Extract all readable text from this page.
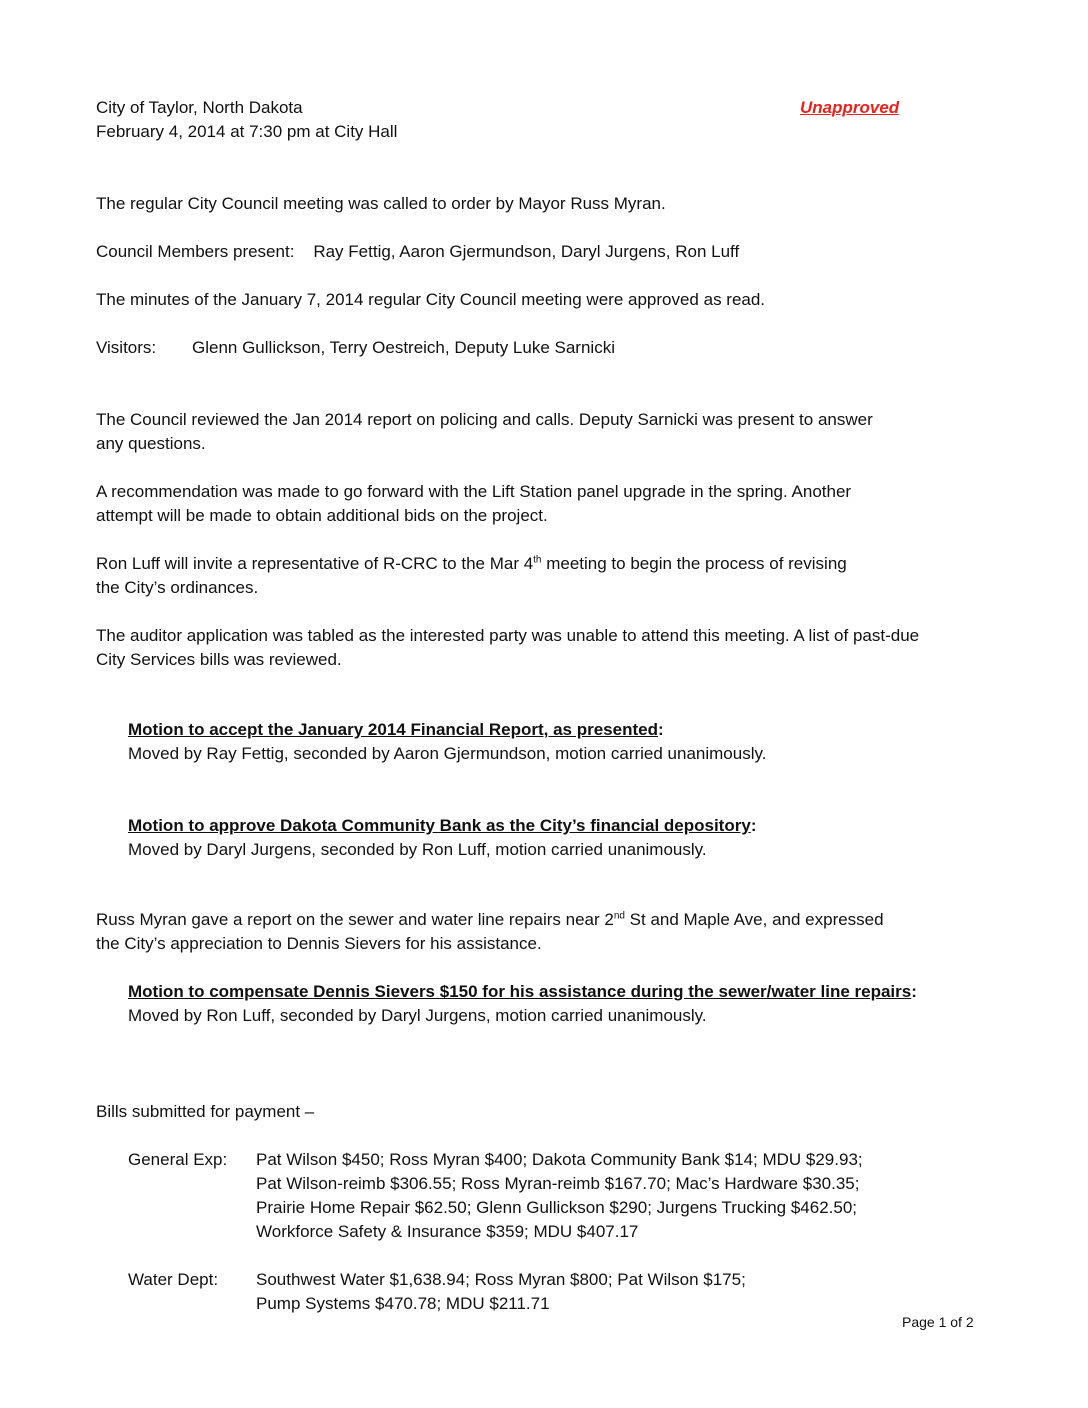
City of Taylor, North Dakota
February 4, 2014 at 7:30 pm at City Hall
Unapproved
The regular City Council meeting was called to order by Mayor Russ Myran.
Council Members present: Ray Fettig, Aaron Gjermundson, Daryl Jurgens, Ron Luff
The minutes of the January 7, 2014 regular City Council meeting were approved as read.
Visitors: Glenn Gullickson, Terry Oestreich, Deputy Luke Sarnicki
The Council reviewed the Jan 2014 report on policing and calls. Deputy Sarnicki was present to answer
any questions.
A recommendation was made to go forward with the Lift Station panel upgrade in the spring. Another
attempt will be made to obtain additional bids on the project.
Ron Luff will invite a representative of R-CRC to the Mar 4th meeting to begin the process of revising
the City’s ordinances.
The auditor application was tabled as the interested party was unable to attend this meeting. A list of past-due
City Services bills was reviewed.
Motion to accept the January 2014 Financial Report, as presented:
Moved by Ray Fettig, seconded by Aaron Gjermundson, motion carried unanimously.
Motion to approve Dakota Community Bank as the City’s financial depository:
Moved by Daryl Jurgens, seconded by Ron Luff, motion carried unanimously.
Russ Myran gave a report on the sewer and water line repairs near 2nd St and Maple Ave, and expressed
the City’s appreciation to Dennis Sievers for his assistance.
Motion to compensate Dennis Sievers $150 for his assistance during the sewer/water line repairs:
Moved by Ron Luff, seconded by Daryl Jurgens, motion carried unanimously.
Bills submitted for payment –
General Exp: Pat Wilson $450; Ross Myran $400; Dakota Community Bank $14; MDU $29.93;
Pat Wilson-reimb $306.55; Ross Myran-reimb $167.70; Mac’s Hardware $30.35;
Prairie Home Repair $62.50; Glenn Gullickson $290; Jurgens Trucking $462.50;
Workforce Safety & Insurance $359; MDU $407.17
Water Dept: Southwest Water $1,638.94; Ross Myran $800; Pat Wilson $175;
Pump Systems $470.78; MDU $211.71
Page 1 of 2
